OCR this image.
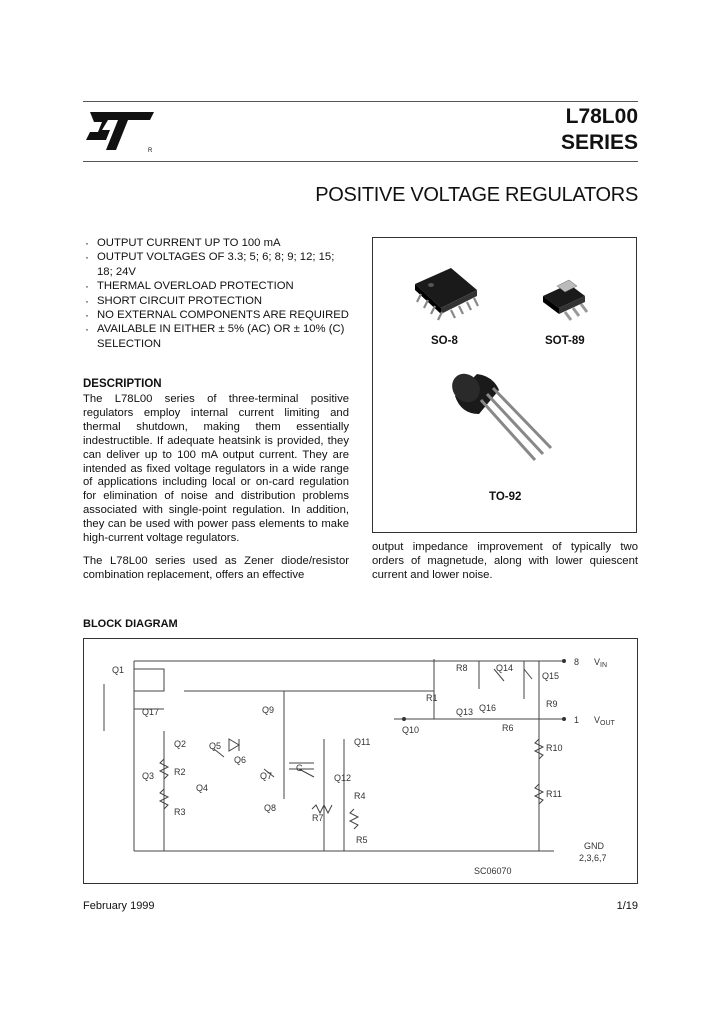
R
L78L00
SERIES
POSITIVE VOLTAGE REGULATORS
· OUTPUT CURRENT UP TO 100 mA
· OUTPUT VOLTAGES OF 3.3; 5; 6; 8; 9; 12; 15; 18; 24V
· THERMAL OVERLOAD PROTECTION
· SHORT CIRCUIT PROTECTION
· NO EXTERNAL COMPONENTS ARE REQUIRED
· AVAILABLE IN EITHER ± 5% (AC) OR ± 10% (C) SELECTION
DESCRIPTION
The L78L00 series of three-terminal positive regulators employ internal current limiting and thermal shutdown, making them essentially indestructible. If adequate heatsink is provided, they can deliver up to 100 mA output current. They are intended as fixed voltage regulators in a wide range of applications including local or on-card regulation for elimination of noise and distribution problems associated with single-point regulation. In addition, they can be used with power pass elements to make high-current voltage regulators.
The L78L00 series used as Zener diode/resistor combination replacement, offers an effective
output impedance improvement of typically two orders of magnetude, along with lower quiescent current and lower noise.
SO-8	SOT-89
TO-92
BLOCK DIAGRAM
8 $V_{IN}$
1 $V_{OUT}$
GND
2,3,6,7
SC06070
Q1
Q17
Q3
Q2
Q4
Q5
Q6
Q7
Q8
Q9
Q10
Q11
Q12
Q13
Q14
Q15
Q16
R1
R2
R3
R4
R5
R6
R7
R8
R9
R10
R11
C
February 1999	1/19
